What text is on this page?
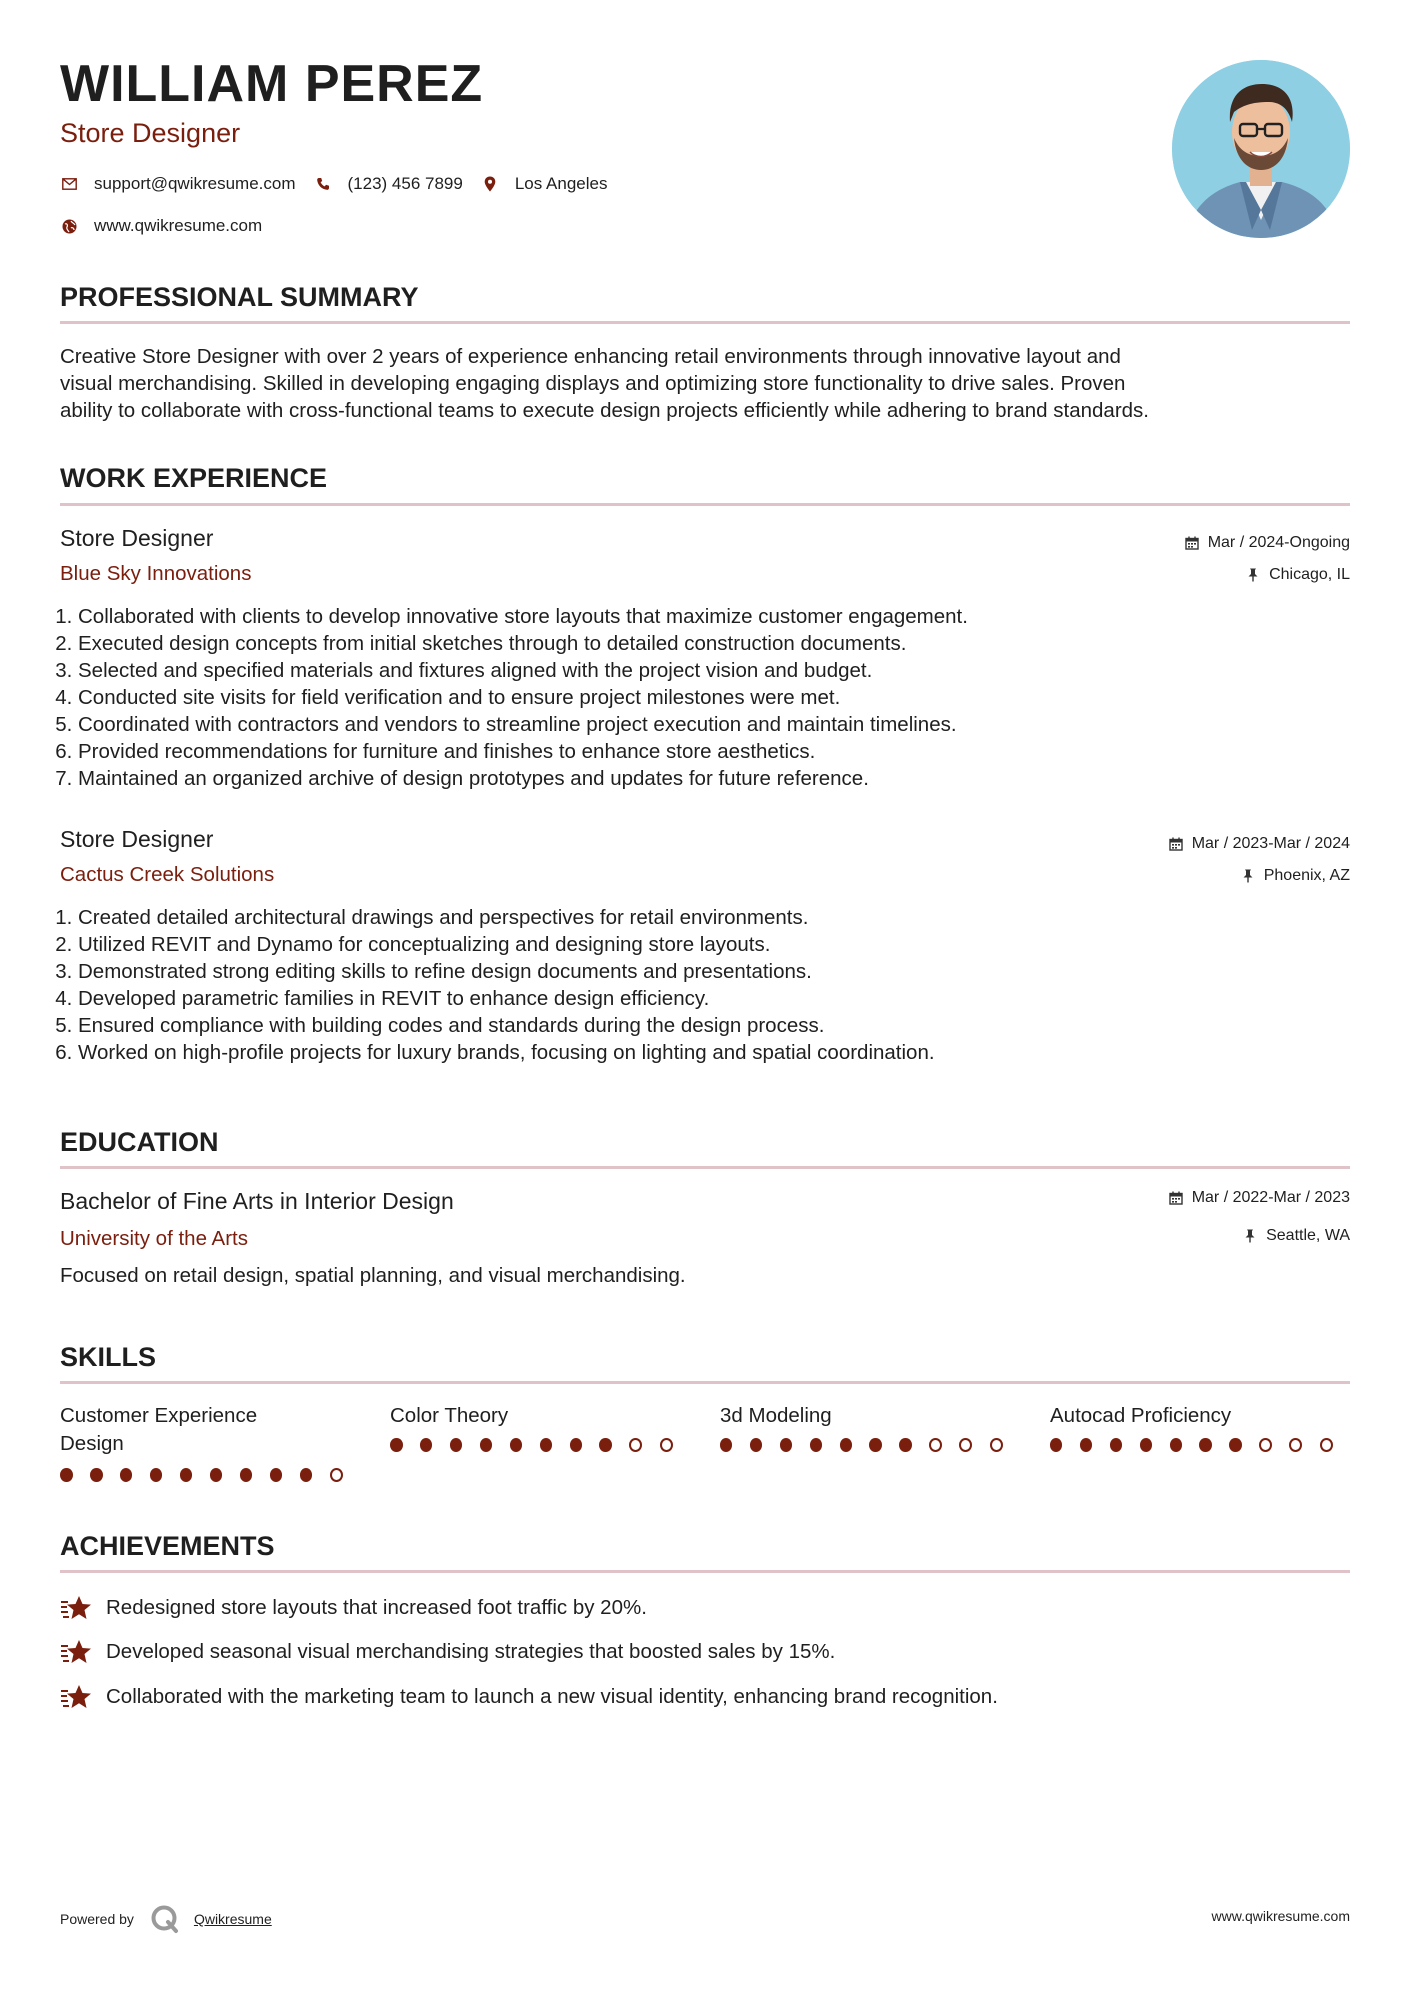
WILLIAM PEREZ
Store Designer
support@qwikresume.com	(123) 456 7899	Los Angeles
www.qwikresume.com
PROFESSIONAL SUMMARY
Creative Store Designer with over 2 years of experience enhancing retail environments through innovative layout and
visual merchandising. Skilled in developing engaging displays and optimizing store functionality to drive sales. Proven
ability to collaborate with cross-functional teams to execute design projects efficiently while adhering to brand standards.
WORK EXPERIENCE
Store Designer
Blue Sky Innovations
Mar / 2024-Ongoing
Chicago, IL
1. Collaborated with clients to develop innovative store layouts that maximize customer engagement.
2. Executed design concepts from initial sketches through to detailed construction documents.
3. Selected and specified materials and fixtures aligned with the project vision and budget.
4. Conducted site visits for field verification and to ensure project milestones were met.
5. Coordinated with contractors and vendors to streamline project execution and maintain timelines.
6. Provided recommendations for furniture and finishes to enhance store aesthetics.
7. Maintained an organized archive of design prototypes and updates for future reference.
Store Designer
Cactus Creek Solutions
Mar / 2023-Mar / 2024
Phoenix, AZ
1. Created detailed architectural drawings and perspectives for retail environments.
2. Utilized REVIT and Dynamo for conceptualizing and designing store layouts.
3. Demonstrated strong editing skills to refine design documents and presentations.
4. Developed parametric families in REVIT to enhance design efficiency.
5. Ensured compliance with building codes and standards during the design process.
6. Worked on high-profile projects for luxury brands, focusing on lighting and spatial coordination.
EDUCATION
Bachelor of Fine Arts in Interior Design
University of the Arts
Mar / 2022-Mar / 2023
Seattle, WA
Focused on retail design, spatial planning, and visual merchandising.
SKILLS
Customer Experience Design
Color Theory	3d Modeling	Autocad Proficiency
ACHIEVEMENTS
Redesigned store layouts that increased foot traffic by 20%.
Developed seasonal visual merchandising strategies that boosted sales by 15%.
Collaborated with the marketing team to launch a new visual identity, enhancing brand recognition.
Powered by	Qwikresume	www.qwikresume.com
